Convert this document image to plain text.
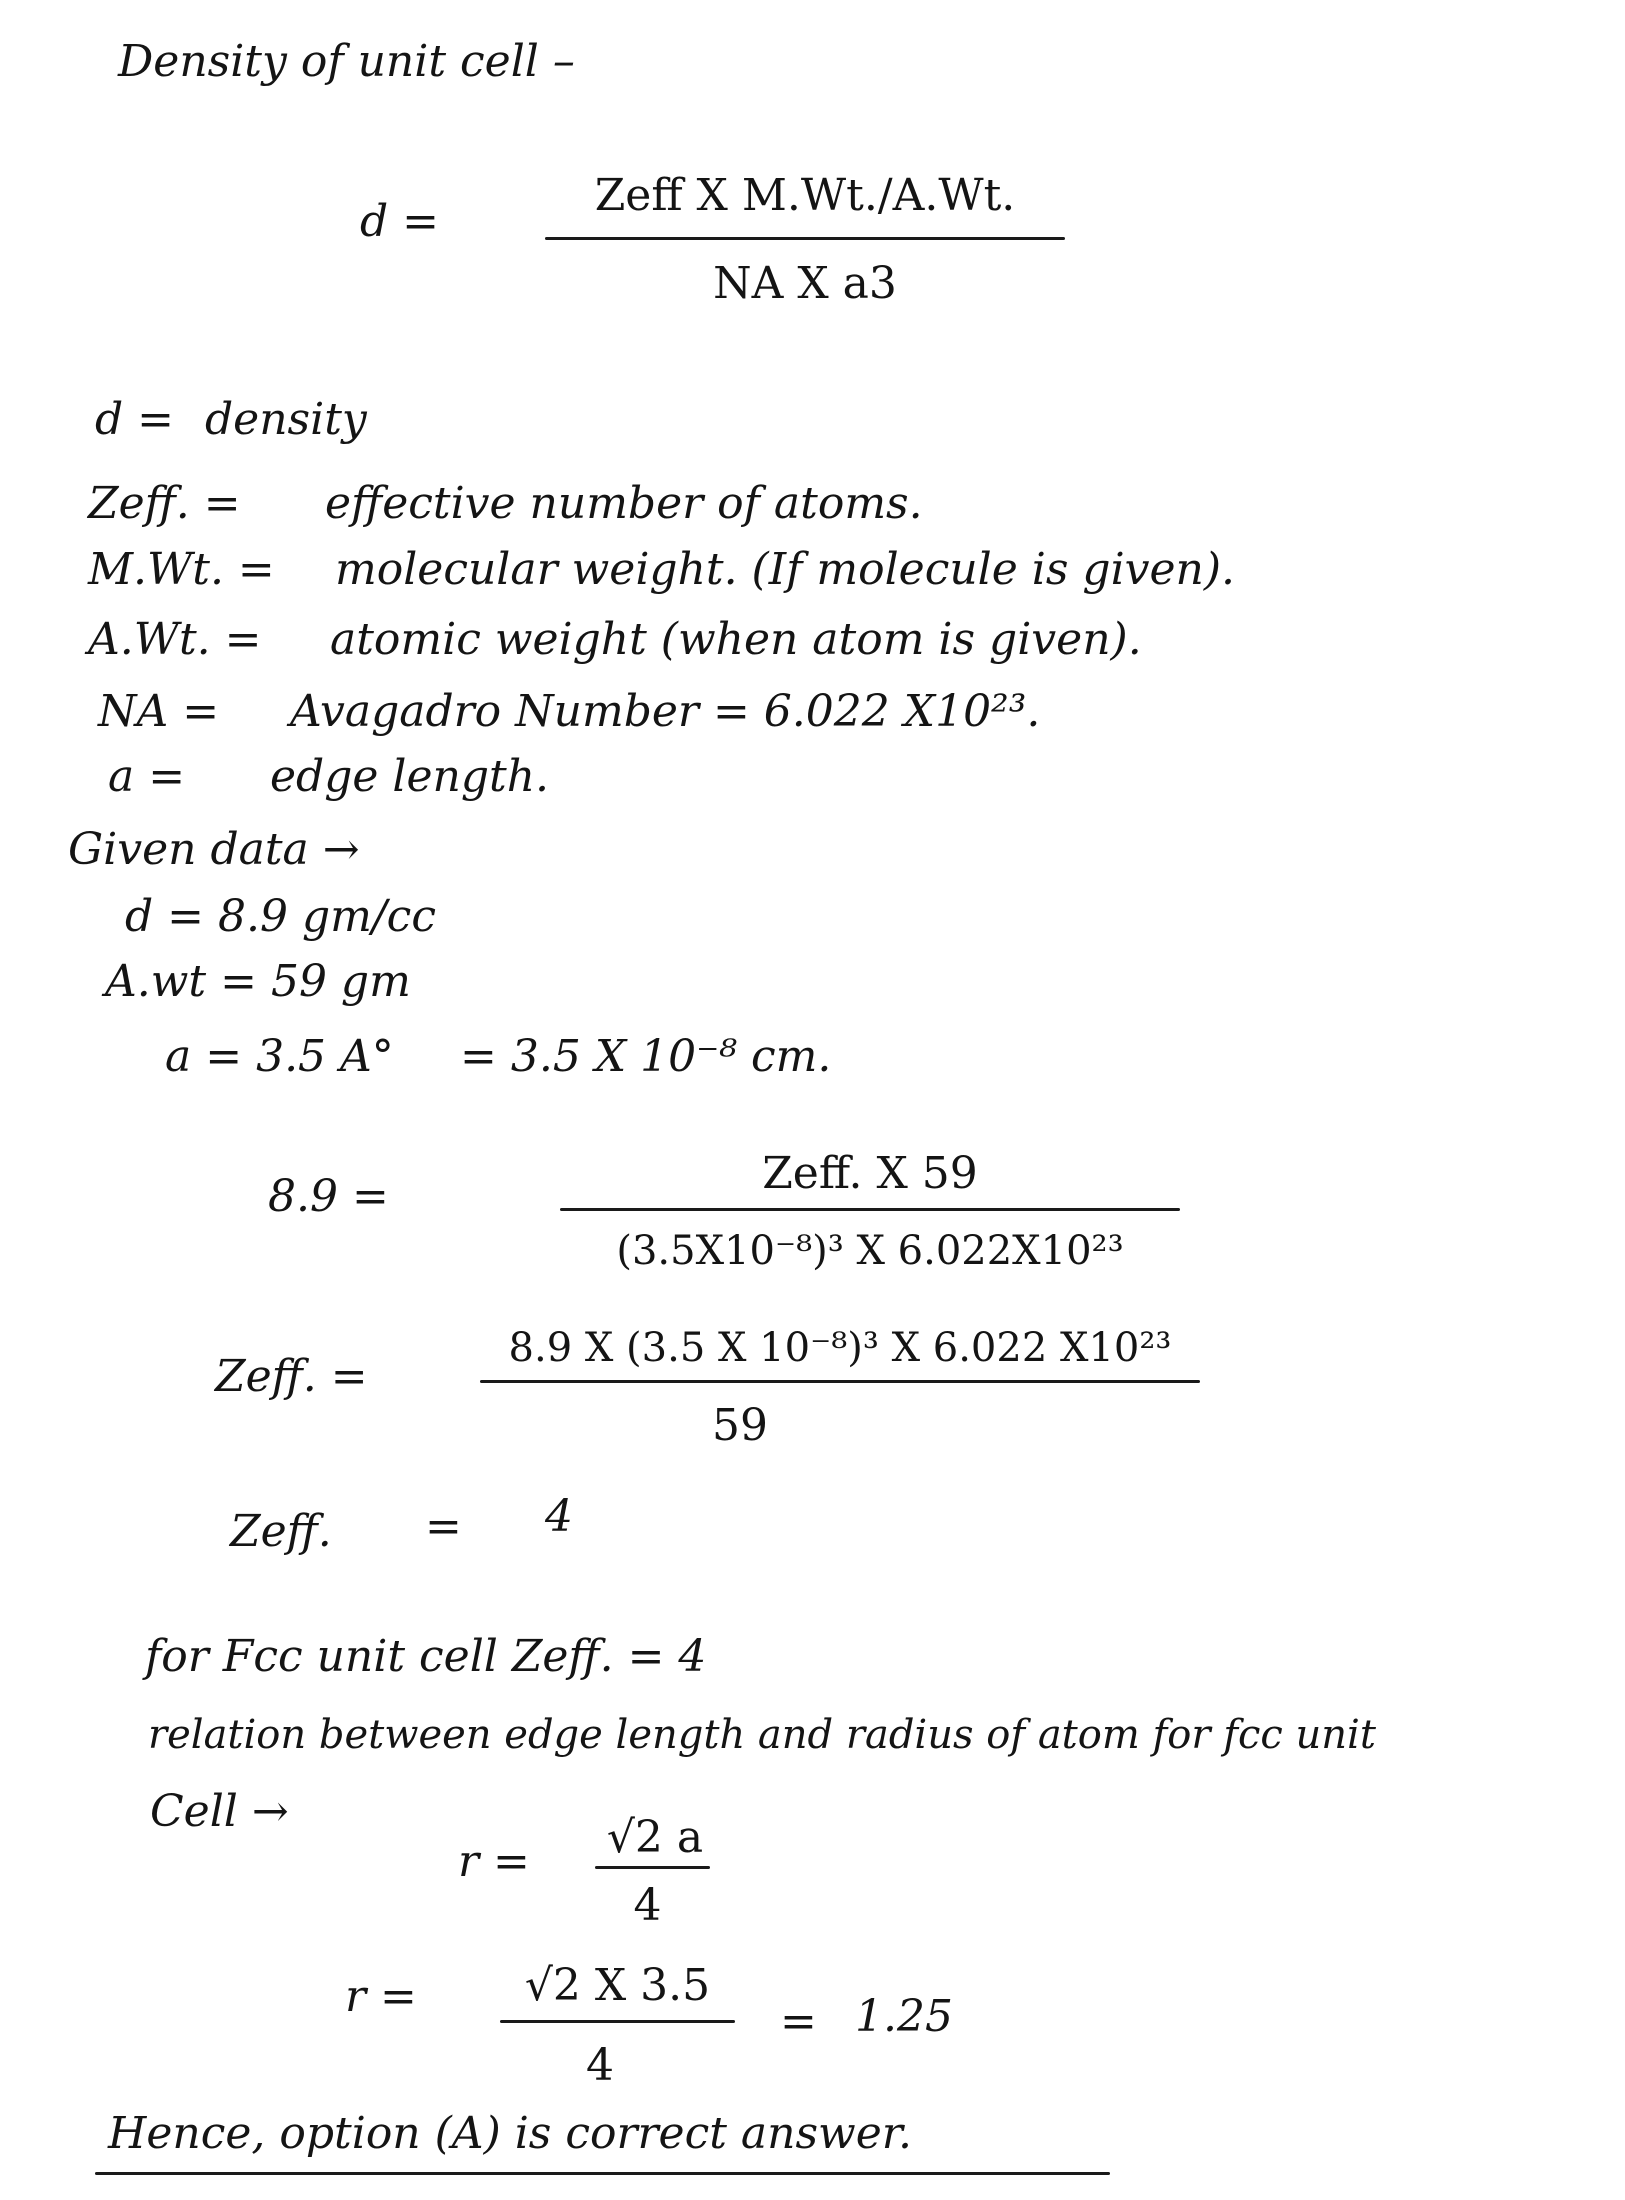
Density of unit cell –
d =
Zeff X M.Wt./A.Wt.
NA X a3
d = density
Zeff. = effective number of atoms.
M.Wt. = molecular weight. (If molecule is given).
A.Wt. = atomic weight (when atom is given).
NA = Avagadro Number = 6.022 X10²³.
a = edge length.
Given data →
d = 8.9 gm/cc
A.wt = 59 gm
a = 3.5 A° = 3.5 X 10⁻⁸ cm.
8.9 =	Zeff. X 59
(3.5X10⁻⁸)³ X 6.022X10²³
Zeff. =
8.9 X (3.5 X 10⁻⁸)³ X 6.022 X10²³
59
Zeff. = 4
for Fcc unit cell Zeff. = 4
relation between edge length and radius of atom for fcc unit
Cell →
r =	√2 a
4
r =	√2 X 3.5
4
= 1.25
Hence, option (A) is correct answer.
